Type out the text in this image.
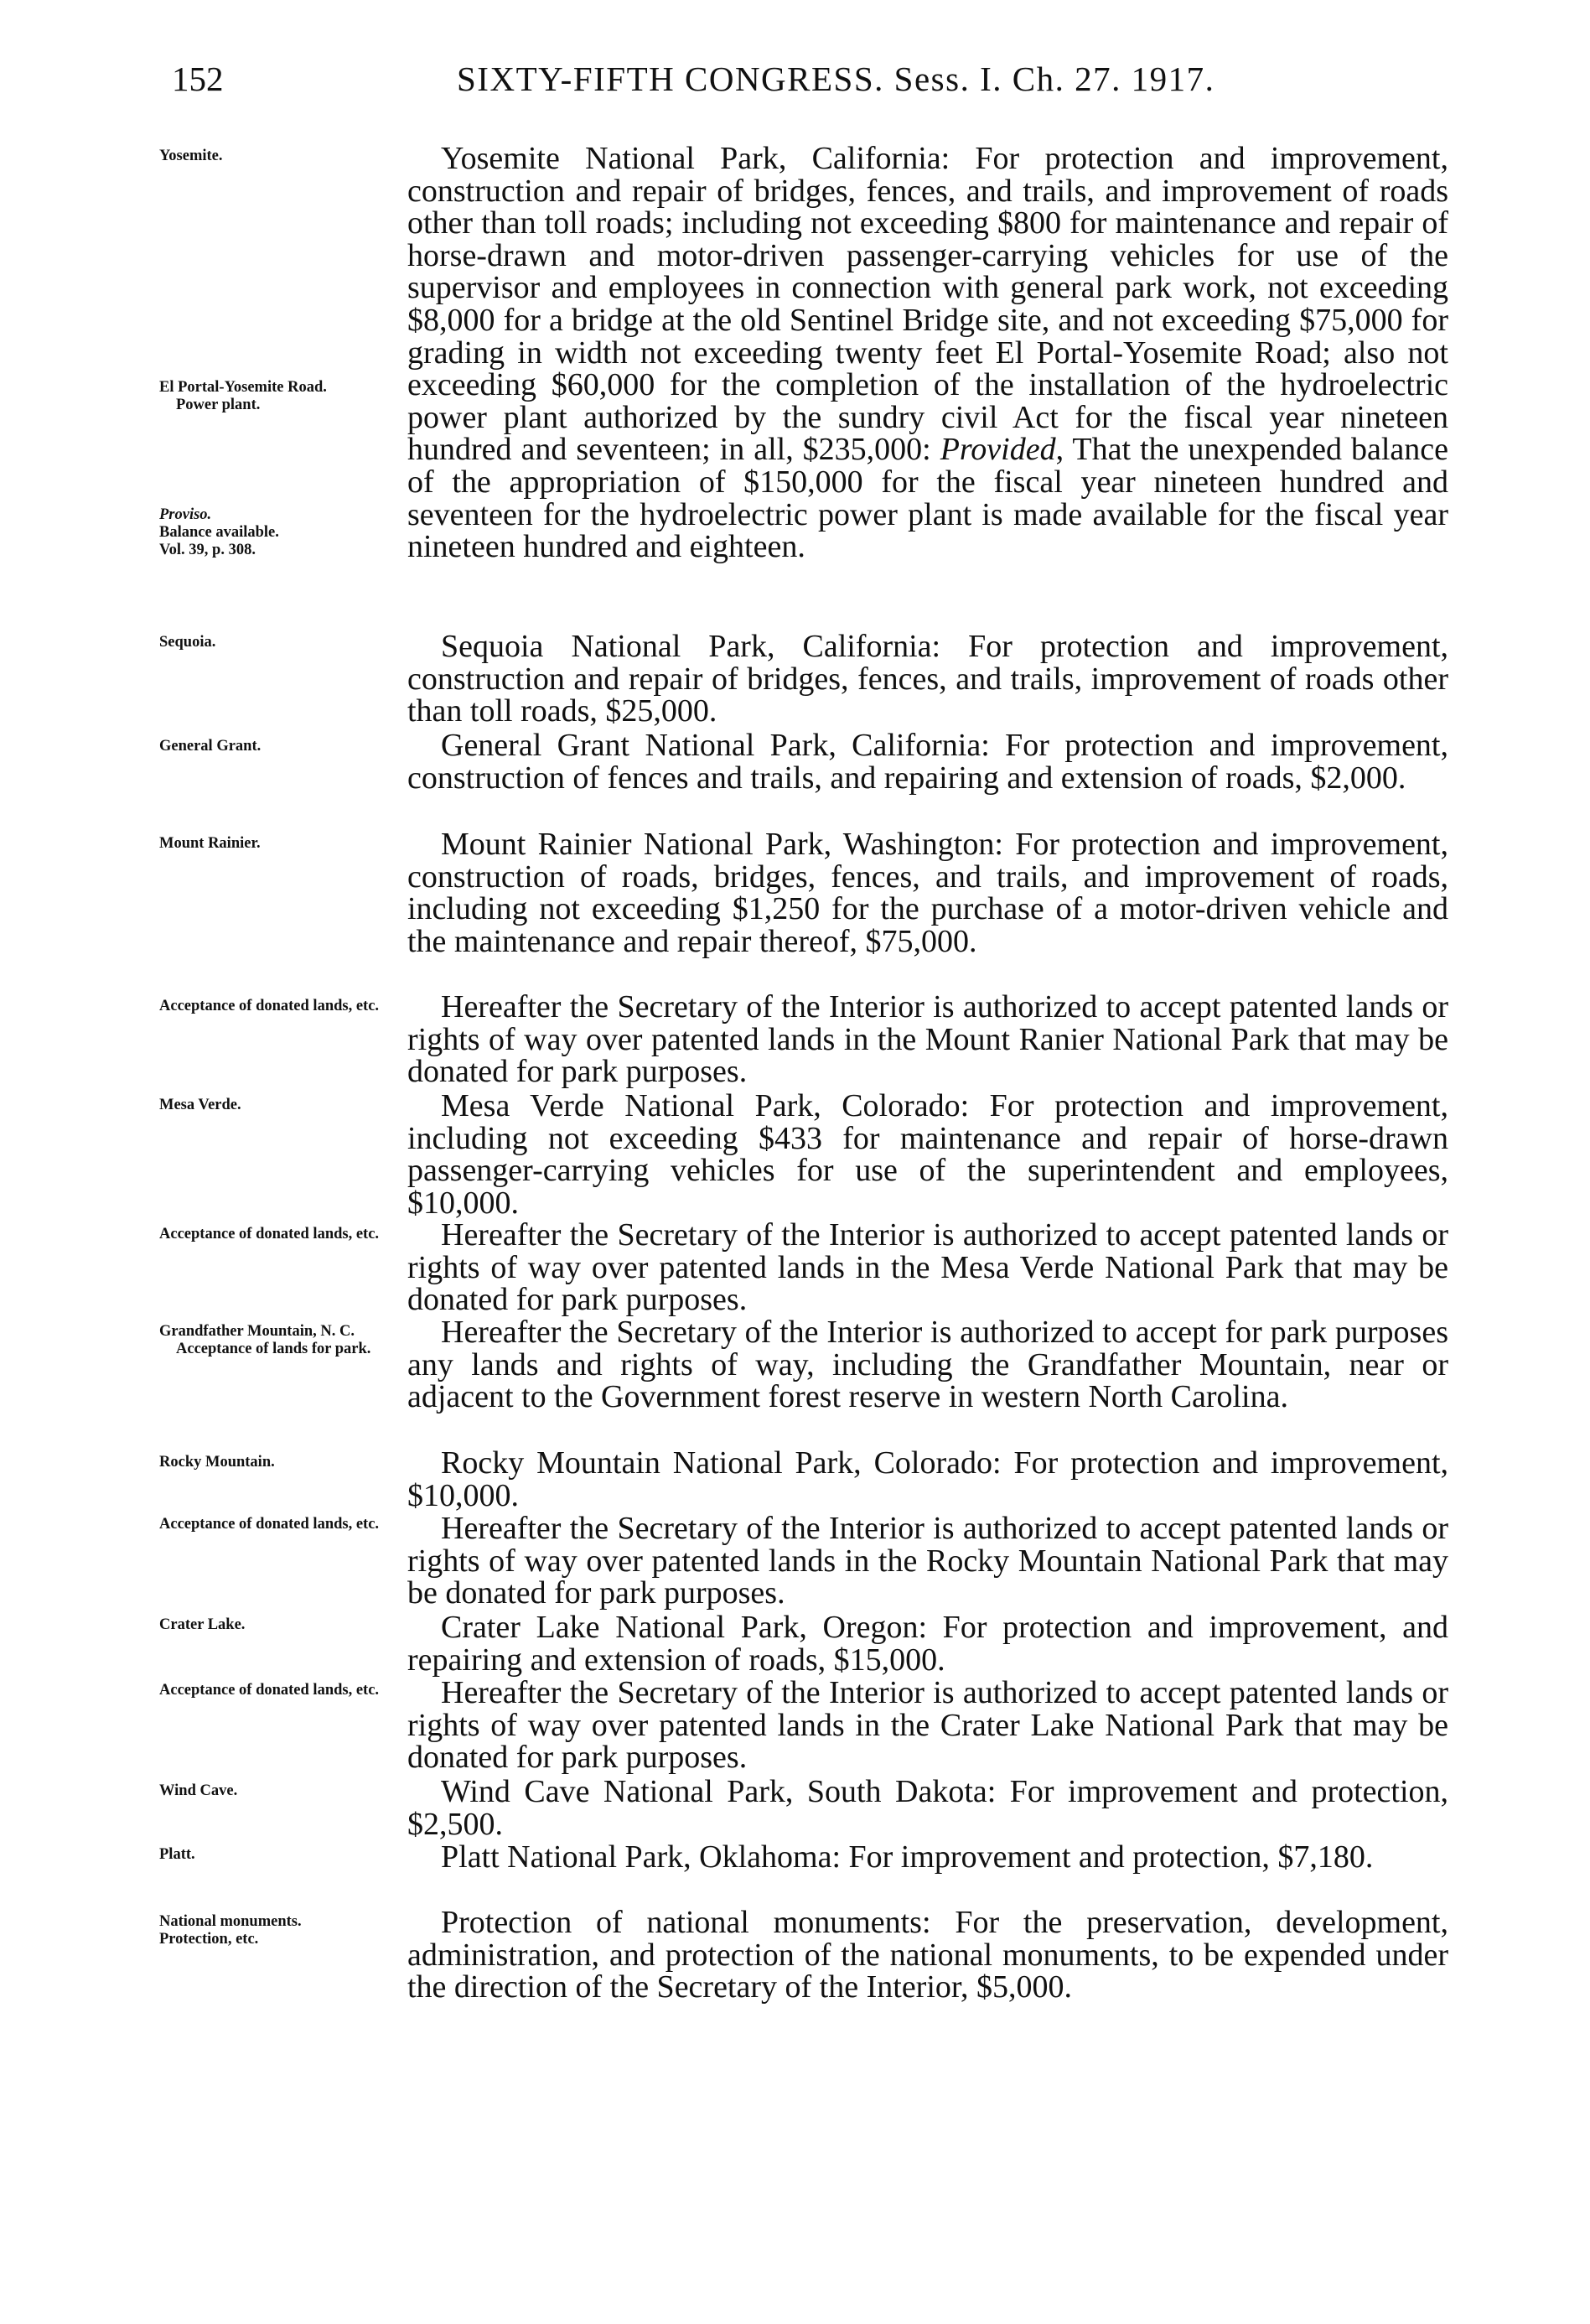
152	SIXTY-FIFTH CONGRESS. Sess. I. Ch. 27. 1917.
Yosemite.
El Portal-Yosemite Road.
Power plant.
Proviso.
Balance available.
Vol. 39, p. 308.

Yosemite National Park, California: For protection and improvement, construction and repair of bridges, fences, and trails, and improvement of roads other than toll roads; including not exceeding $800 for maintenance and repair of horse-drawn and motor-driven passenger-carrying vehicles for use of the supervisor and employees in connection with general park work, not exceeding $8,000 for a bridge at the old Sentinel Bridge site, and not exceeding $75,000 for grading in width not exceeding twenty feet El Portal-Yosemite Road; also not exceeding $60,000 for the completion of the installation of the hydroelectric power plant authorized by the sundry civil Act for the fiscal year nineteen hundred and seventeen; in all, $235,000: Provided, That the unexpended balance of the appropriation of $150,000 for the fiscal year nineteen hundred and seventeen for the hydroelectric power plant is made available for the fiscal year nineteen hundred and eighteen.

Sequoia.	Sequoia National Park, California: For protection and improvement, construction and repair of bridges, fences, and trails, improvement of roads other than toll roads, $25,000.

General Grant.	General Grant National Park, California: For protection and improvement, construction of fences and trails, and repairing and extension of roads, $2,000.

Mount Rainier.	Mount Rainier National Park, Washington: For protection and improvement, construction of roads, bridges, fences, and trails, and improvement of roads, including not exceeding $1,250 for the purchase of a motor-driven vehicle and the maintenance and repair thereof, $75,000.

Acceptance of donated lands, etc.	Hereafter the Secretary of the Interior is authorized to accept patented lands or rights of way over patented lands in the Mount Ranier National Park that may be donated for park purposes.

Mesa Verde.	Mesa Verde National Park, Colorado: For protection and improvement, including not exceeding $433 for maintenance and repair of horse-drawn passenger-carrying vehicles for use of the superintendent and employees, $10,000.

Acceptance of donated lands, etc.	Hereafter the Secretary of the Interior is authorized to accept patented lands or rights of way over patented lands in the Mesa Verde National Park that may be donated for park purposes.

Grandfather Mountain, N. C.
Acceptance of lands for park.	Hereafter the Secretary of the Interior is authorized to accept for park purposes any lands and rights of way, including the Grandfather Mountain, near or adjacent to the Government forest reserve in western North Carolina.

Rocky Mountain.	Rocky Mountain National Park, Colorado: For protection and improvement, $10,000.

Acceptance of donated lands, etc.	Hereafter the Secretary of the Interior is authorized to accept patented lands or rights of way over patented lands in the Rocky Mountain National Park that may be donated for park purposes.

Crater Lake.	Crater Lake National Park, Oregon: For protection and improvement, and repairing and extension of roads, $15,000.

Acceptance of donated lands, etc.	Hereafter the Secretary of the Interior is authorized to accept patented lands or rights of way over patented lands in the Crater Lake National Park that may be donated for park purposes.

Wind Cave.	Wind Cave National Park, South Dakota: For improvement and protection, $2,500.

Platt.	Platt National Park, Oklahoma: For improvement and protection, $7,180.

National monuments.
Protection, etc.	Protection of national monuments: For the preservation, development, administration, and protection of the national monuments, to be expended under the direction of the Secretary of the Interior, $5,000.
